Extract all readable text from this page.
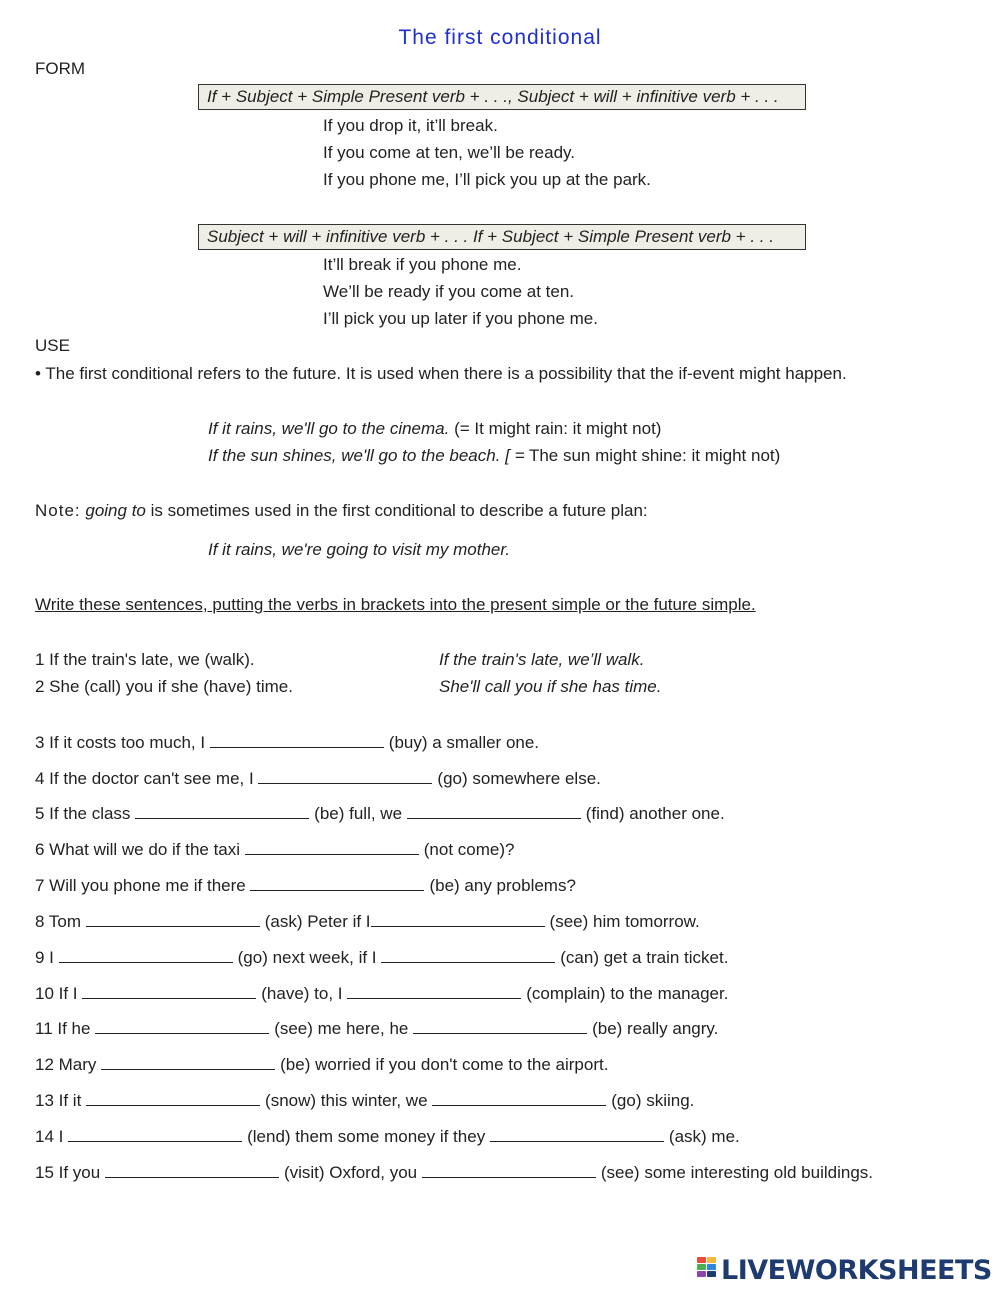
The first conditional
FORM
If + Subject + Simple Present verb + . . ., Subject + will + infinitive verb + . . .
If you drop it, it’ll break.
If you come at ten, we’ll be ready.
If you phone me, I’ll pick you up at the park.
Subject + will + infinitive verb + . . . If + Subject + Simple Present verb + . . .
It’ll break if you phone me.
We’ll be ready if you come at ten.
I’ll pick you up later if you phone me.
USE
• The first conditional refers to the future. It is used when there is a possibility that the if-event might happen.
If it rains, we'll go to the cinema. (= It might rain: it might not)
If the sun shines, we'll go to the beach. [ = The sun might shine: it might not)
Note: going to is sometimes used in the first conditional to describe a future plan:
If it rains, we're going to visit my mother.
Write these sentences, putting the verbs in brackets into the present simple or the future simple.
1 If the train's late, we (walk).	If the train's late, we’ll walk.
2 She (call) you if she (have) time.	She'll call you if she has time.
3 If it costs too much, I	(buy) a smaller one.
4 If the doctor can't see me, I	(go) somewhere else.
5 If the class	(be) full, we	(find) another one.
6 What will we do if the taxi	(not come)?
7 Will you phone me if there	(be) any problems?
8 Tom	(ask) Peter if I	(see) him tomorrow.
9 I	(go) next week, if I	(can) get a train ticket.
10 If I	(have) to, I	(complain) to the manager.
11 If he	(see) me here, he	(be) really angry.
12 Mary	(be) worried if you don't come to the airport.
13 If it	(snow) this winter, we	(go) skiing.
14 I	(lend) them some money if they	(ask) me.
15 If you	(visit) Oxford, you	(see) some interesting old buildings.
LIVEWORKSHEETS
